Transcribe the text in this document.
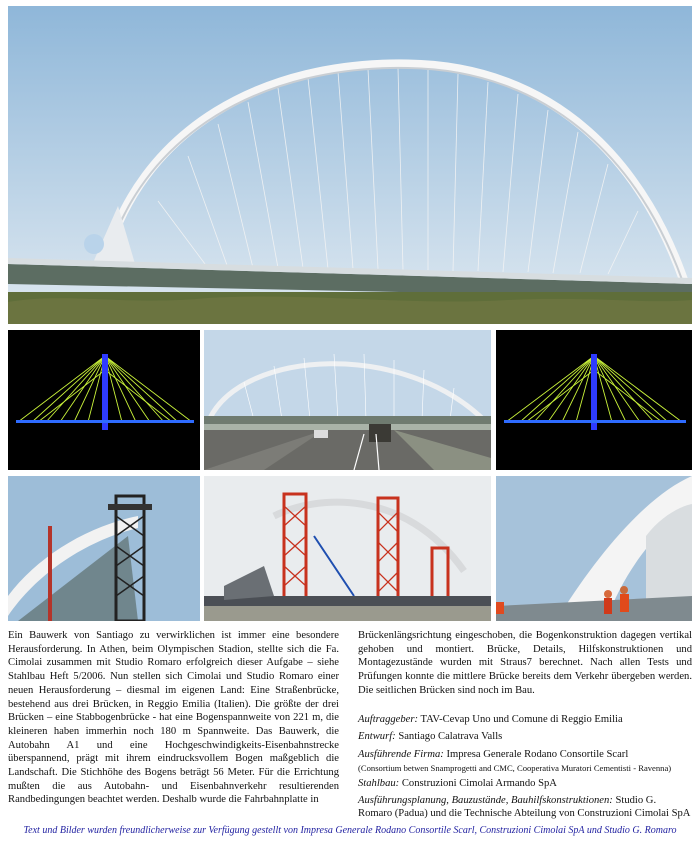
Ein Bauwerk von Santiago zu verwirklichen ist immer eine besondere Herausforderung. In Athen, beim Olympischen Stadion, stellte sich die Fa. Cimolai zusammen mit Studio Romaro erfolgreich dieser Aufgabe – siehe Stahlbau Heft 5/2006. Nun stellen sich Cimolai und Studio Romaro einer neuen Herausforderung – diesmal im eigenen Land: Eine Straßenbrücke, bestehend aus drei Brücken, in Reggio Emilia (Italien). Die größte der drei Brücken – eine Stabbogenbrücke - hat eine Bogenspannweite von 221 m, die kleineren haben immerhin noch 180 m Spannweite. Das Bauwerk, die Autobahn A1 und eine Hochgeschwindigkeits-Eisenbahnstrecke überspannend, prägt mit ihrem eindrucksvollem Bogen maßgeblich die Landschaft. Die Stichhöhe des Bogens beträgt 56 Meter. Für die Errichtung mußten die aus Autobahn- und Eisenbahnverkehr resultierenden Randbedingungen beachtet werden. Deshalb wurde die Fahrbahnplatte in
Brückenlängsrichtung eingeschoben, die Bogenkonstruktion dagegen vertikal gehoben und montiert. Brücke, Details, Hilfskonstruktionen und Montagezustände wurden mit Straus7 berechnet. Nach allen Tests und Prüfungen konnte die mittlere Brücke bereits dem Verkehr übergeben werden. Die seitlichen Brücken sind noch im Bau.
Auftraggeber: TAV-Cevap Uno und Comune di Reggio Emilia
Entwurf: Santiago Calatrava Valls
Ausführende Firma: Impresa Generale Rodano Consortile Scarl
(Consortium betwen Snamprogetti and CMC, Cooperativa Muratori Cementisti - Ravenna)
Stahlbau: Construzioni Cimolai Armando SpA
Ausführungsplanung, Bauzustände, Bauhilfskonstruktionen: Studio G. Romaro (Padua) und die Technische Abteilung von Construzioni Cimolai SpA
Text und Bilder wurden freundlicherweise zur Verfügung gestellt von Impresa Generale Rodano Consortile Scarl, Construzioni Cimolai SpA und Studio G. Romaro
